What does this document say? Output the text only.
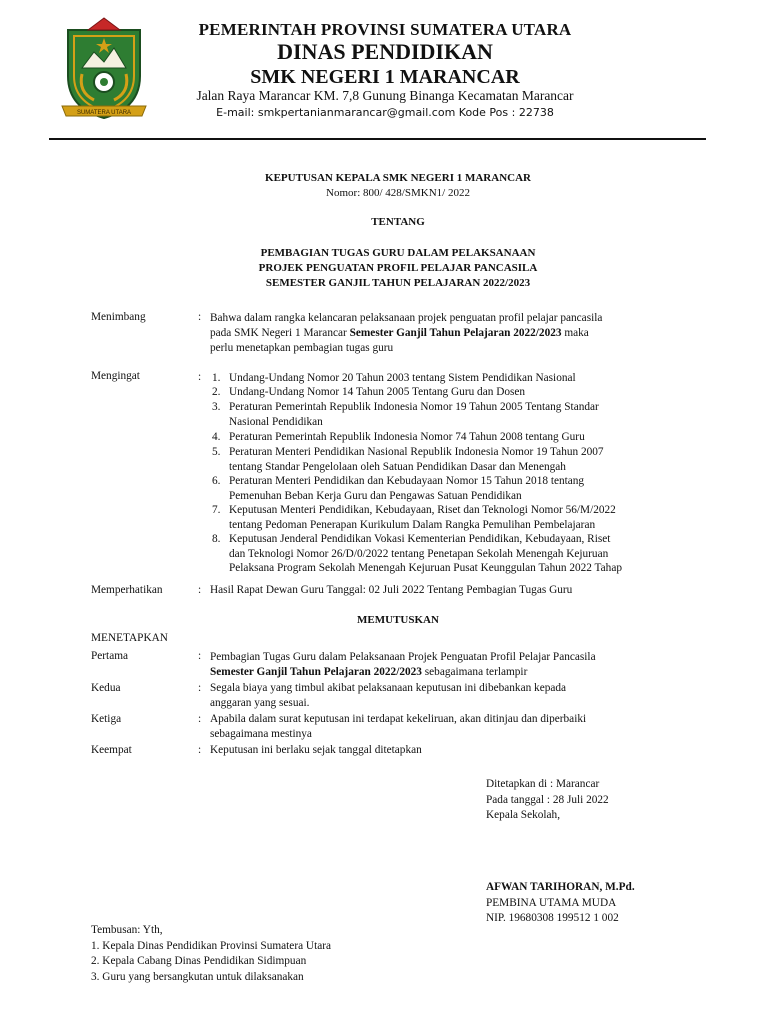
SUMATERA UTARA
PEMERINTAH PROVINSI SUMATERA UTARA
DINAS PENDIDIKAN
SMK NEGERI 1 MARANCAR
Jalan Raya Marancar KM. 7,8 Gunung Binanga Kecamatan Marancar
E-mail: smkpertanianmarancar@gmail.com Kode Pos : 22738
KEPUTUSAN KEPALA SMK NEGERI 1 MARANCAR
Nomor: 800/ 428/SMKN1/ 2022
TENTANG
PEMBAGIAN TUGAS GURU DALAM PELAKSANAAN
PROJEK PENGUATAN PROFIL PELAJAR PANCASILA
SEMESTER GANJIL TAHUN PELAJARAN 2022/2023
Menimbang	: Bahwa dalam rangka kelancaran pelaksanaan projek penguatan profil pelajar pancasila
pada SMK Negeri 1 Marancar Semester Ganjil Tahun Pelajaran 2022/2023 maka
perlu menetapkan pembagian tugas guru
Mengingat	: 1. Undang-Undang Nomor 20 Tahun 2003 tentang Sistem Pendidikan Nasional
2. Undang-Undang Nomor 14 Tahun 2005 Tentang Guru dan Dosen
3. Peraturan Pemerintah Republik Indonesia Nomor 19 Tahun 2005 Tentang Standar
Nasional Pendidikan
4. Peraturan Pemerintah Republik Indonesia Nomor 74 Tahun 2008 tentang Guru
5. Peraturan Menteri Pendidikan Nasional Republik Indonesia Nomor 19 Tahun 2007
tentang Standar Pengelolaan oleh Satuan Pendidikan Dasar dan Menengah
6. Peraturan Menteri Pendidikan dan Kebudayaan Nomor 15 Tahun 2018 tentang
Pemenuhan Beban Kerja Guru dan Pengawas Satuan Pendidikan
7. Keputusan Menteri Pendidikan, Kebudayaan, Riset dan Teknologi Nomor 56/M/2022
tentang Pedoman Penerapan Kurikulum Dalam Rangka Pemulihan Pembelajaran
8. Keputusan Jenderal Pendidikan Vokasi Kementerian Pendidikan, Kebudayaan, Riset
dan Teknologi Nomor 26/D/0/2022 tentang Penetapan Sekolah Menengah Kejuruan
Pelaksana Program Sekolah Menengah Kejuruan Pusat Keunggulan Tahun 2022 Tahap
Memperhatikan	: Hasil Rapat Dewan Guru Tanggal: 02 Juli 2022 Tentang Pembagian Tugas Guru
MEMUTUSKAN
MENETAPKAN
Pertama	: Pembagian Tugas Guru dalam Pelaksanaan Projek Penguatan Profil Pelajar Pancasila
Semester Ganjil Tahun Pelajaran 2022/2023 sebagaimana terlampir
Kedua	: Segala biaya yang timbul akibat pelaksanaan keputusan ini dibebankan kepada
anggaran yang sesuai.
Ketiga	: Apabila dalam surat keputusan ini terdapat kekeliruan, akan ditinjau dan diperbaiki
sebagaimana mestinya
Keempat	: Keputusan ini berlaku sejak tanggal ditetapkan
Ditetapkan di : Marancar
Pada tanggal : 28 Juli 2022
Kepala Sekolah,
AFWAN TARIHORAN, M.Pd.
PEMBINA UTAMA MUDA
NIP. 19680308 199512 1 002
Tembusan: Yth,
1. Kepala Dinas Pendidikan Provinsi Sumatera Utara
2. Kepala Cabang Dinas Pendidikan Sidimpuan
3. Guru yang bersangkutan untuk dilaksanakan
